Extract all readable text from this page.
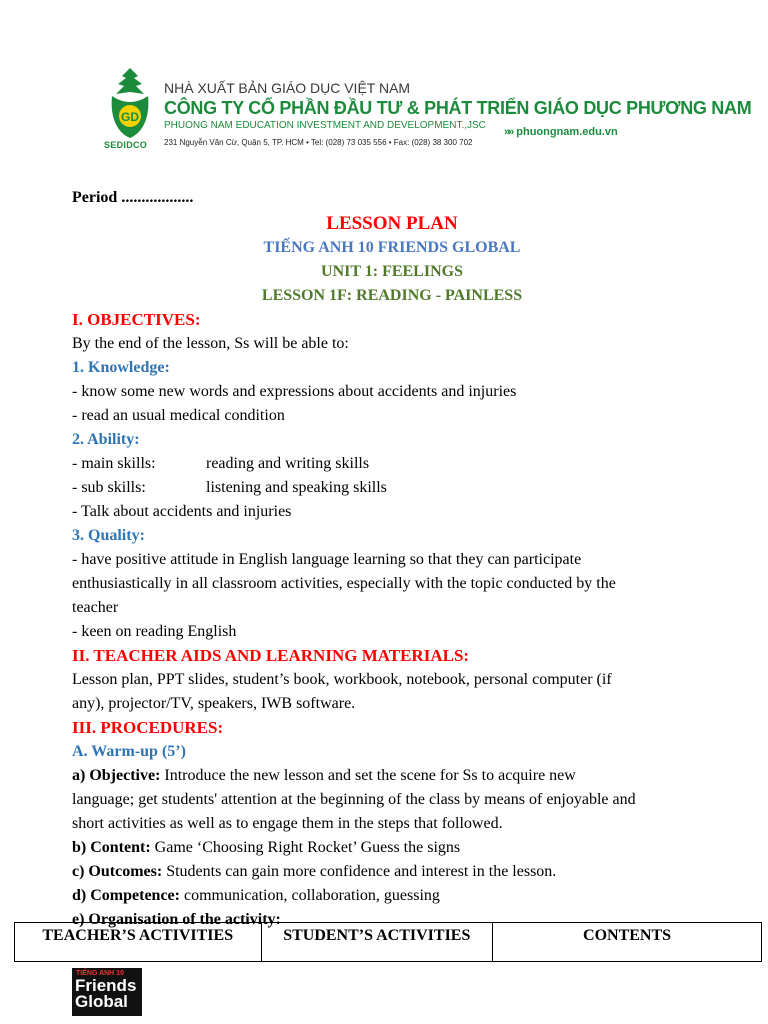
GD
SEDIDCO
NHÀ XUẤT BẢN GIÁO DỤC VIỆT NAM
CÔNG TY CỔ PHẦN ĐẦU TƯ & PHÁT TRIỂN GIÁO DỤC PHƯƠNG NAM
PHUONG NAM EDUCATION INVESTMENT AND DEVELOPMENT.,JSC
231 Nguyễn Văn Cừ, Quận 5, TP. HCM • Tel: (028) 73 035 556 • Fax: (028) 38 300 702
»» phuongnam.edu.vn
Period ..................
LESSON PLAN
TIẾNG ANH 10 FRIENDS GLOBAL
UNIT 1: FEELINGS
LESSON 1F: READING - PAINLESS
I. OBJECTIVES:
By the end of the lesson, Ss will be able to:
1. Knowledge:
- know some new words and expressions about accidents and injuries
- read an usual medical condition
2. Ability:
- main skills:	reading and writing skills
- sub skills:	listening and speaking skills
- Talk about accidents and injuries
3. Quality:
- have positive attitude in English language learning so that they can participate
enthusiastically in all classroom activities, especially with the topic conducted by the
teacher
- keen on reading English
II. TEACHER AIDS AND LEARNING MATERIALS:
Lesson plan, PPT slides, student’s book, workbook, notebook, personal computer (if
any), projector/TV, speakers, IWB software.
III. PROCEDURES:
A. Warm-up (5’)
a) Objective: Introduce the new lesson and set the scene for Ss to acquire new
language; get students' attention at the beginning of the class by means of enjoyable and
short activities as well as to engage them in the steps that followed.
b) Content: Game ‘Choosing Right Rocket’ Guess the signs
c) Outcomes: Students can gain more confidence and interest in the lesson.
d) Competence: communication, collaboration, guessing
e) Organisation of the activity:
TEACHER’S ACTIVITIES	STUDENT’S ACTIVITIES	CONTENTS
TIẾNG ANH 10
Friends
Global
